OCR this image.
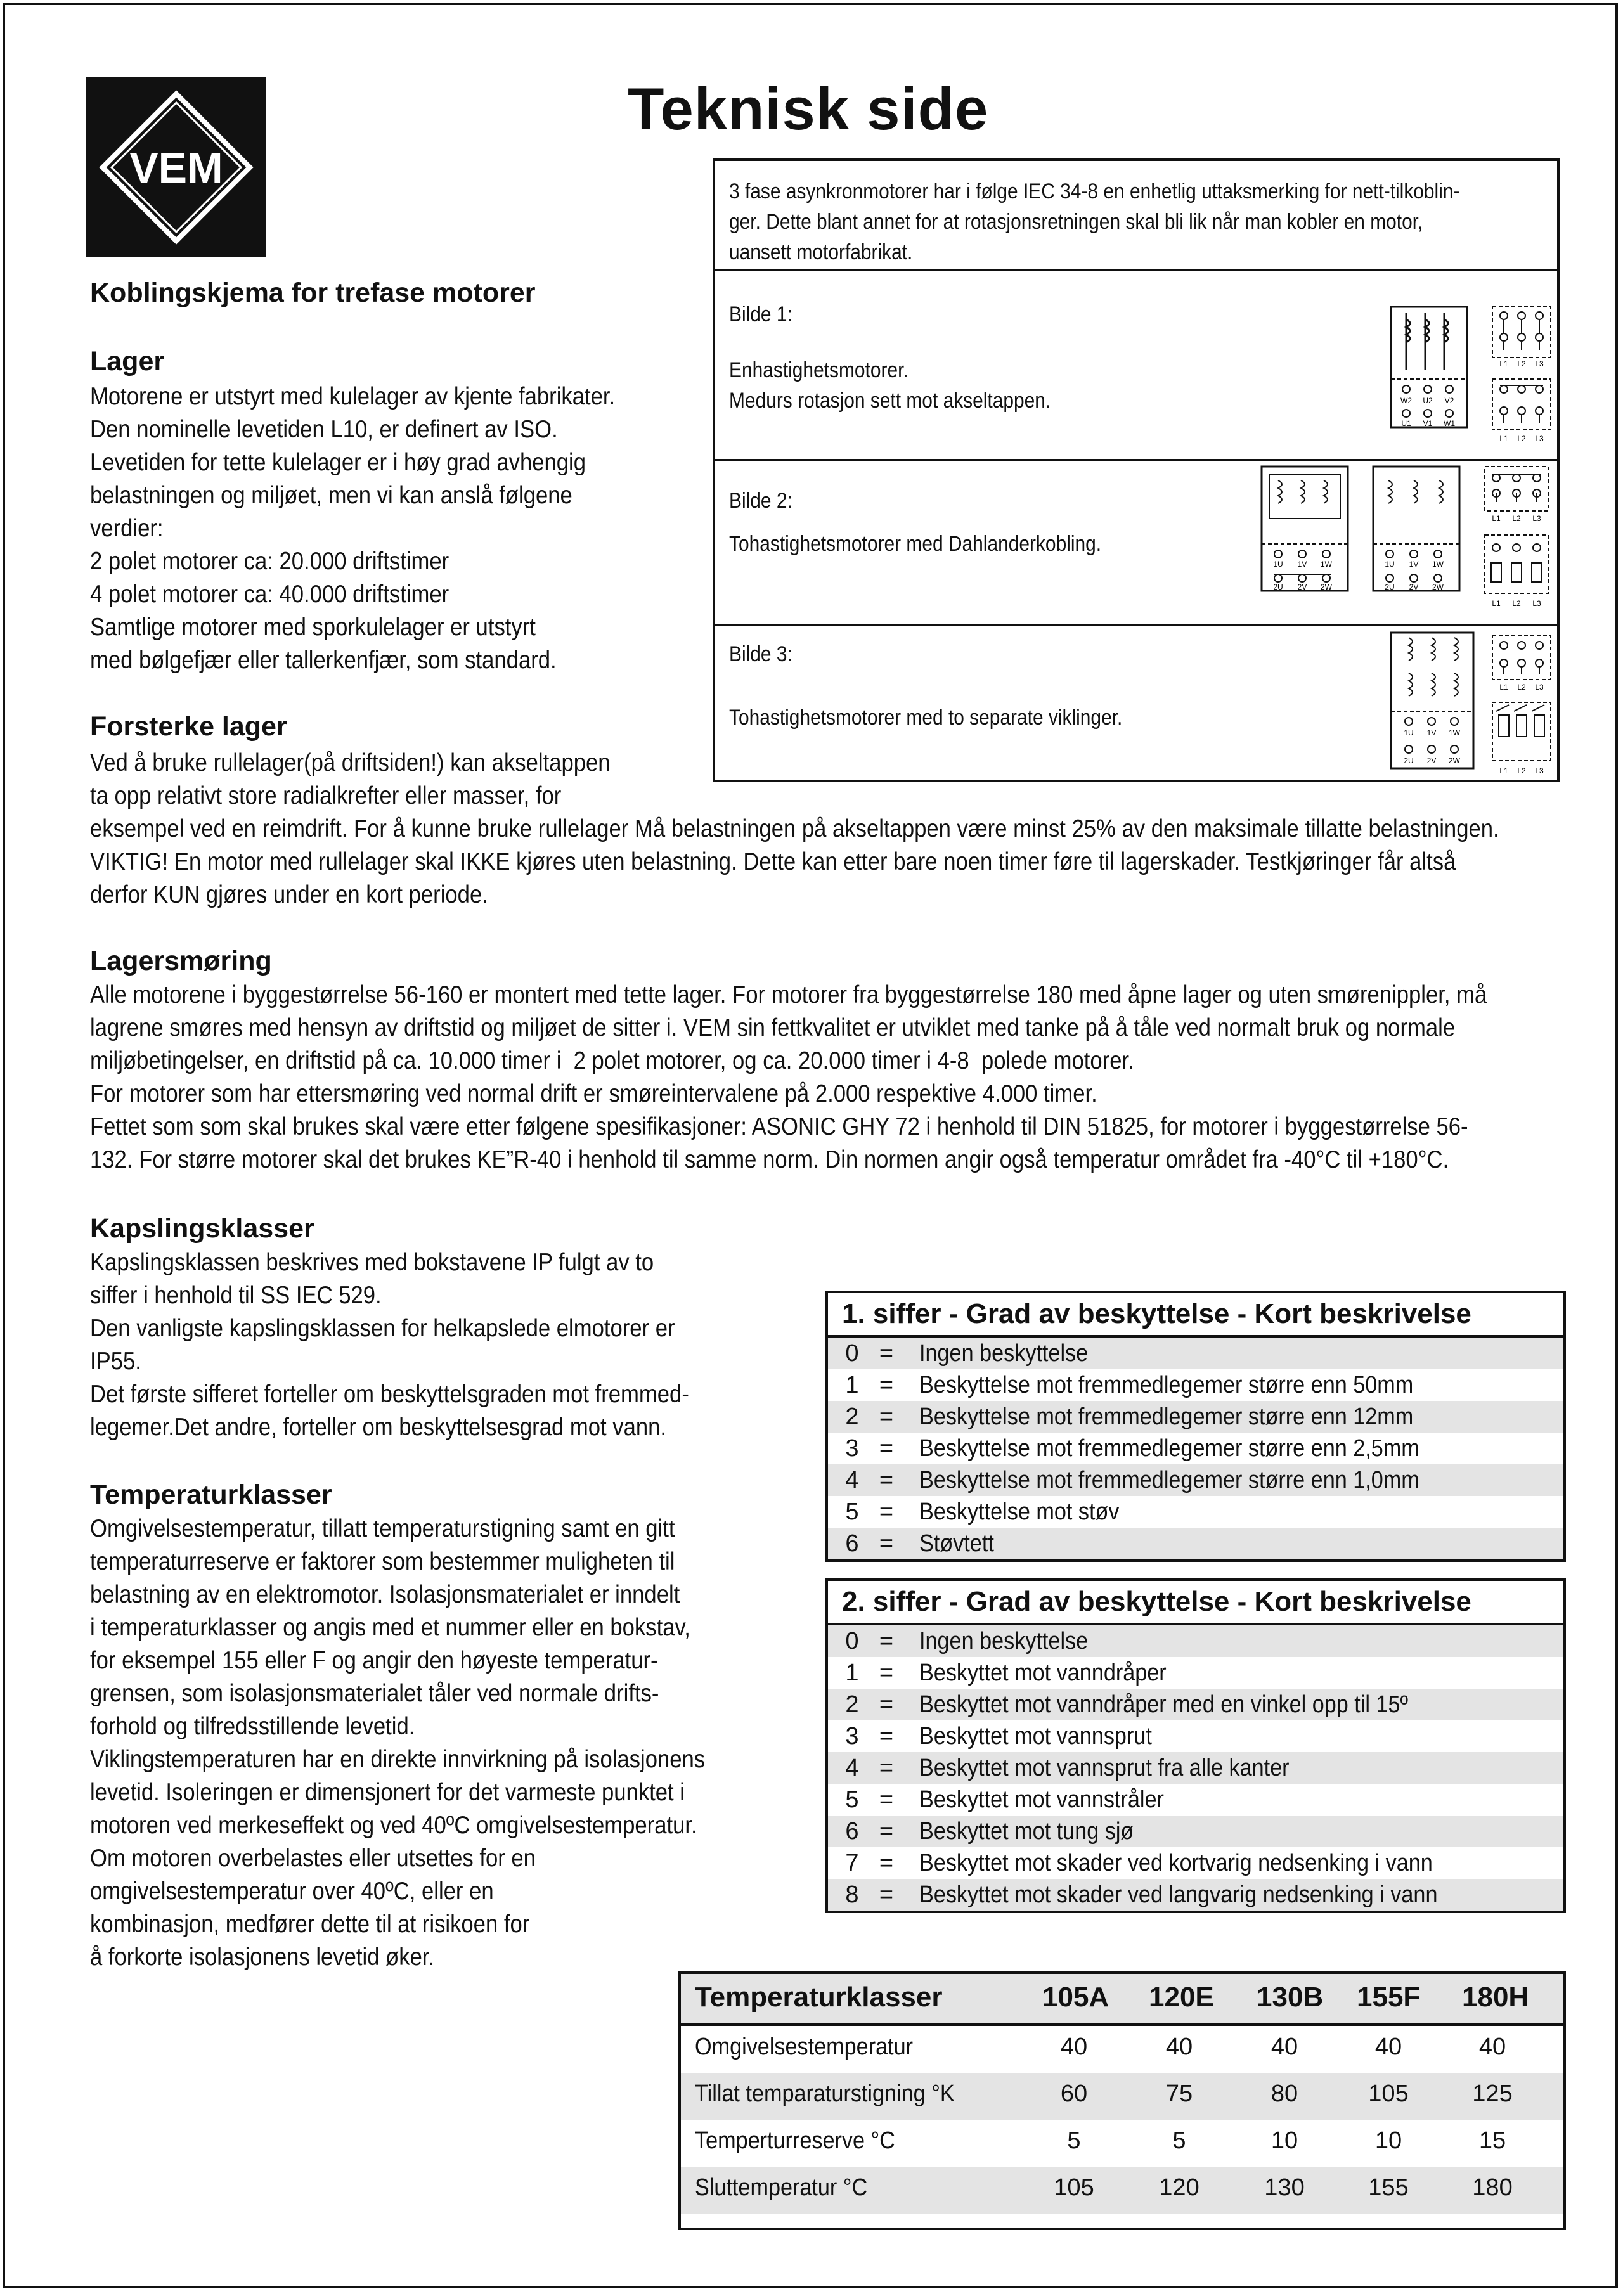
VEM
Teknisk side
Koblingskjema for trefase motorer
3 fase asynkronmotorer har i følge IEC 34-8 en enhetlig uttaksmerking for nett-tilkoblin-
ger. Dette blant annet for at rotasjonsretningen skal bli lik når man kobler en motor,
uansett motorfabrikat.
Bilde 1:
Enhastighetsmotorer.
Medurs rotasjon sett mot akseltappen.
Bilde 2:
Tohastighetsmotorer med Dahlanderkobling.
Bilde 3:
Tohastighetsmotorer med to separate viklinger.
W2 U2 V2
U1 V1 W1
L1 L2 L3
L1 L2 L3
1U 1V 1W
2U 2V 2W
1U 1V 1W
2U 2V 2W
L1 L2 L3
L1 L2 L3
1U 1V 1W
2U 2V 2W
L1 L2 L3
L1 L2 L3
Lager
Motorene er utstyrt med kulelager av kjente fabrikater.
Den nominelle levetiden L10, er definert av ISO.
Levetiden for tette kulelager er i høy grad avhengig
belastningen og miljøet, men vi kan anslå følgene
verdier:
2 polet motorer ca: 20.000 driftstimer
4 polet motorer ca: 40.000 driftstimer
Samtlige motorer med sporkulelager er utstyrt
med bølgefjær eller tallerkenfjær, som standard.
Forsterke lager
Ved å bruke rullelager(på driftsiden!) kan akseltappen
ta opp relativt store radialkrefter eller masser, for
eksempel ved en reimdrift. For å kunne bruke rullelager Må belastningen på akseltappen være minst 25% av den maksimale tillatte belastningen.
VIKTIG! En motor med rullelager skal IKKE kjøres uten belastning. Dette kan etter bare noen timer føre til lagerskader. Testkjøringer får altså
derfor KUN gjøres under en kort periode.
Lagersmøring
Alle motorene i byggestørrelse 56-160 er montert med tette lager. For motorer fra byggestørrelse 180 med åpne lager og uten smørenippler, må
lagrene smøres med hensyn av driftstid og miljøet de sitter i. VEM sin fettkvalitet er utviklet med tanke på å tåle ved normalt bruk og normale
miljøbetingelser, en driftstid på ca. 10.000 timer i  2 polet motorer, og ca. 20.000 timer i 4-8  polede motorer.
For motorer som har ettersmøring ved normal drift er smøreintervalene på 2.000 respektive 4.000 timer.
Fettet som som skal brukes skal være etter følgene spesifikasjoner: ASONIC GHY 72 i henhold til DIN 51825, for motorer i byggestørrelse 56-
132. For større motorer skal det brukes KE”R-40 i henhold til samme norm. Din normen angir også temperatur området fra -40°C til +180°C.
Kapslingsklasser
Kapslingsklassen beskrives med bokstavene IP fulgt av to
siffer i henhold til SS IEC 529.
Den vanligste kapslingsklassen for helkapslede elmotorer er
IP55.
Det første sifferet forteller om beskyttelsgraden mot fremmed-
legemer.Det andre, forteller om beskyttelsesgrad mot vann.
Temperaturklasser
Omgivelsestemperatur, tillatt temperaturstigning samt en gitt
temperaturreserve er faktorer som bestemmer muligheten til
belastning av en elektromotor. Isolasjonsmaterialet er inndelt
i temperaturklasser og angis med et nummer eller en bokstav,
for eksempel 155 eller F og angir den høyeste temperatur-
grensen, som isolasjonsmaterialet tåler ved normale drifts-
forhold og tilfredsstillende levetid.
Viklingstemperaturen har en direkte innvirkning på isolasjonens
levetid. Isoleringen er dimensjonert for det varmeste punktet i
motoren ved merkeseffekt og ved 40ºC omgivelsestemperatur.
Om motoren overbelastes eller utsettes for en
omgivelsestemperatur over 40ºC, eller en
kombinasjon, medfører dette til at risikoen for
å forkorte isolasjonens levetid øker.
1. siffer - Grad av beskyttelse - Kort beskrivelse
0 = Ingen beskyttelse
1 = Beskyttelse mot fremmedlegemer større enn 50mm
2 = Beskyttelse mot fremmedlegemer større enn 12mm
3 = Beskyttelse mot fremmedlegemer større enn 2,5mm
4 = Beskyttelse mot fremmedlegemer større enn 1,0mm
5 = Beskyttelse mot støv
6 = Støvtett
2. siffer - Grad av beskyttelse - Kort beskrivelse
0 = Ingen beskyttelse
1 = Beskyttet mot vanndråper
2 = Beskyttet mot vanndråper med en vinkel opp til 15º
3 = Beskyttet mot vannsprut
4 = Beskyttet mot vannsprut fra alle kanter
5 = Beskyttet mot vannstråler
6 = Beskyttet mot tung sjø
7 = Beskyttet mot skader ved kortvarig nedsenking i vann
8 = Beskyttet mot skader ved langvarig nedsenking i vann
Temperaturklasser	105A 120E 130B 155F 180H
Omgivelsestemperatur	40	40	40	40	40
Tillat temparaturstigning °K	60	75	80	105	125
Temperturreserve °C	5	5	10	10	15
Sluttemperatur °C	105	120	130	155	180
